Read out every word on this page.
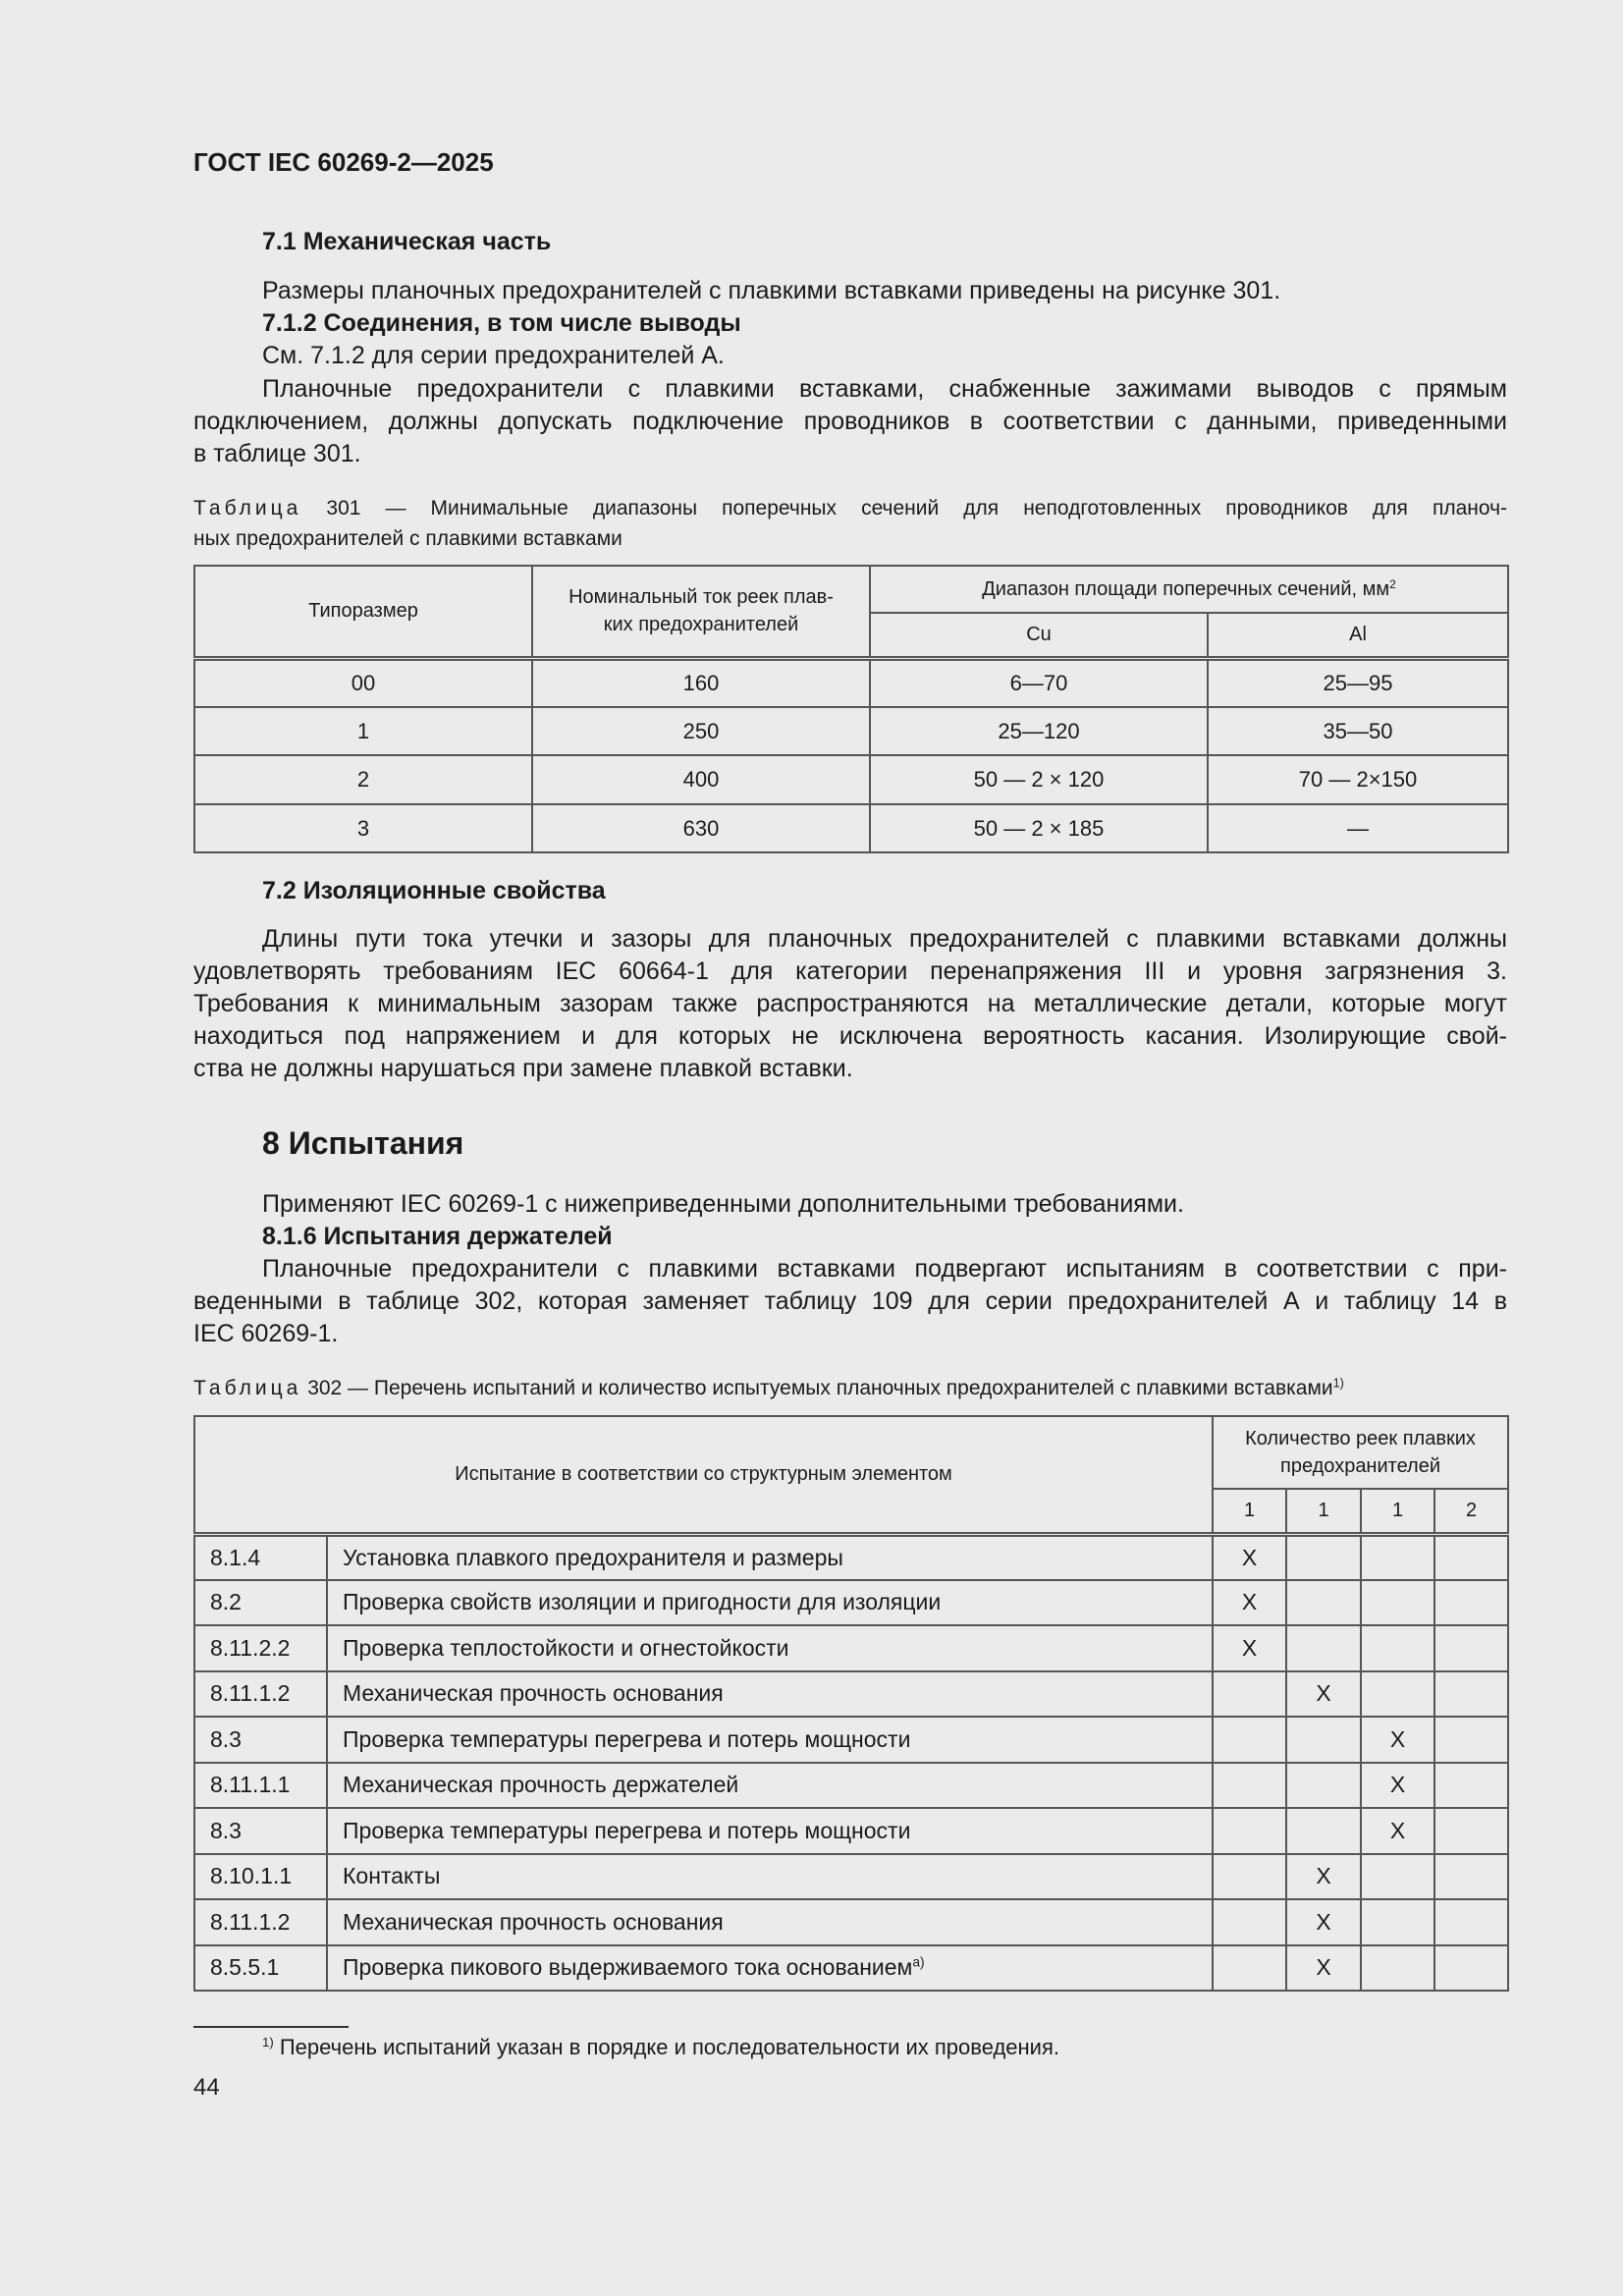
ГОСТ IEC 60269-2—2025
7.1 Механическая часть
Размеры планочных предохранителей с плавкими вставками приведены на рисунке 301.
7.1.2 Соединения, в том числе выводы
См. 7.1.2 для серии предохранителей А.
Планочные предохранители с плавкими вставками, снабженные зажимами выводов с прямым
подключением, должны допускать подключение проводников в соответствии с данными, приведенными
в таблице 301.
Таблица 301 — Минимальные диапазоны поперечных сечений для неподготовленных проводников для планоч-
ных предохранителей с плавкими вставками
Типоразмер	Номинальный ток реек плав-
ких предохранителей	Диапазон площади поперечных сечений, $мм^2$
		Cu	Al
00	160	6—70	25—95
1	250	25—120	35—50
2	400	50 — 2 × 120	70 — 2×150
3	630	50 — 2 × 185	—
7.2 Изоляционные свойства
Длины пути тока утечки и зазоры для планочных предохранителей с плавкими вставками должны
удовлетворять требованиям IEC 60664-1 для категории перенапряжения III и уровня загрязнения 3.
Требования к минимальным зазорам также распространяются на металлические детали, которые могут
находиться под напряжением и для которых не исключена вероятность касания. Изолирующие свой-
ства не должны нарушаться при замене плавкой вставки.
8 Испытания
Применяют IEC 60269-1 с нижеприведенными дополнительными требованиями.
8.1.6 Испытания держателей
Планочные предохранители с плавкими вставками подвергают испытаниям в соответствии с при-
веденными в таблице 302, которая заменяет таблицу 109 для серии предохранителей А и таблицу 14 в
IEC 60269-1.
Таблица 302 — Перечень испытаний и количество испытуемых планочных предохранителей с плавкими вставками$^{1)}$
Испытание в соответствии со структурным элементом		Количество реек плавких
предохранителей			
		1	1	1	2
8.1.4	Установка плавкого предохранителя и размеры	X			
8.2	Проверка свойств изоляции и пригодности для изоляции	X			
8.11.2.2	Проверка теплостойкости и огнестойкости	X			
8.11.1.2	Механическая прочность основания		X		
8.3	Проверка температуры перегрева и потерь мощности			X	
8.11.1.1	Механическая прочность держателей			X	
8.3	Проверка температуры перегрева и потерь мощности			X	
8.10.1.1	Контакты		X		
8.11.1.2	Механическая прочность основания		X		
8.5.5.1	Проверка пикового выдерживаемого тока основанием$^{a)}$		X		
$^{1)}$ Перечень испытаний указан в порядке и последовательности их проведения.
44
